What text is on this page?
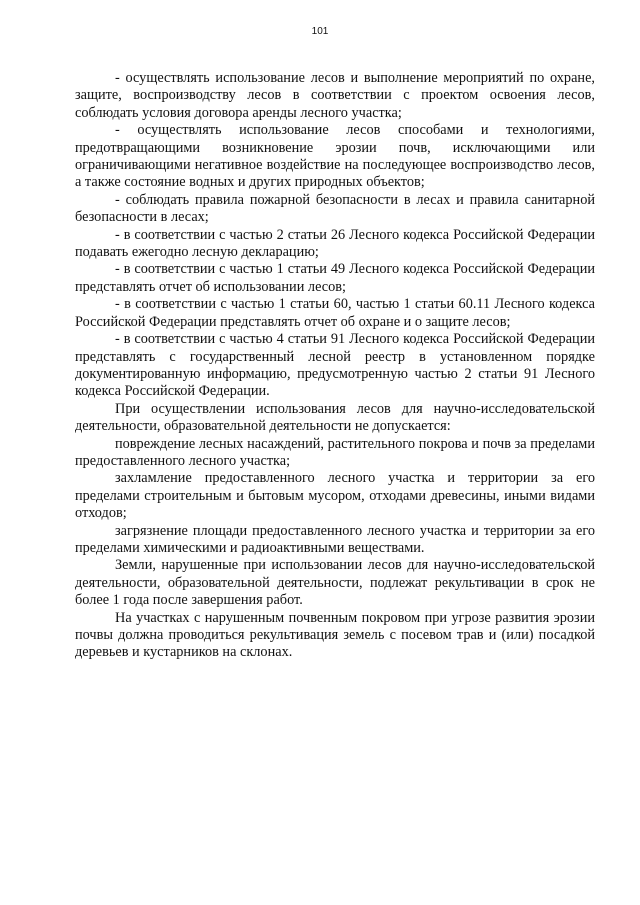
101

- осуществлять использование лесов и выполнение мероприятий по охране, защите, воспроизводству лесов в соответствии с проектом освоения лесов, соблюдать условия договора аренды лесного участка;

- осуществлять использование лесов способами и технологиями, предотвращающими возникновение эрозии почв, исключающими или ограничивающими негативное воздействие на последующее воспроизводство лесов, а также состояние водных и других природных объектов;

- соблюдать правила пожарной безопасности в лесах и правила санитарной безопасности в лесах;

- в соответствии с частью 2 статьи 26 Лесного кодекса Российской Федерации подавать ежегодно лесную декларацию;

- в соответствии с частью 1 статьи 49 Лесного кодекса Российской Федерации представлять отчет об использовании лесов;

- в соответствии с частью 1 статьи 60, частью 1 статьи 60.11 Лесного кодекса Российской Федерации представлять отчет об охране и о защите лесов;

- в соответствии с частью 4 статьи 91 Лесного кодекса Российской Федерации представлять с государственный лесной реестр в установленном порядке документированную информацию, предусмотренную частью 2 статьи 91 Лесного кодекса Российской Федерации.

При осуществлении использования лесов для научно-исследовательской деятельности, образовательной деятельности не допускается:

повреждение лесных насаждений, растительного покрова и почв за пределами предоставленного лесного участка;

захламление предоставленного лесного участка и территории за его пределами строительным и бытовым мусором, отходами древесины, иными видами отходов;

загрязнение площади предоставленного лесного участка и территории за его пределами химическими и радиоактивными веществами.

Земли, нарушенные при использовании лесов для научно-исследовательской деятельности, образовательной деятельности, подлежат рекультивации в срок не более 1 года после завершения работ.

На участках с нарушенным почвенным покровом при угрозе развития эрозии почвы должна проводиться рекультивация земель с посевом трав и (или) посадкой деревьев и кустарников на склонах.
